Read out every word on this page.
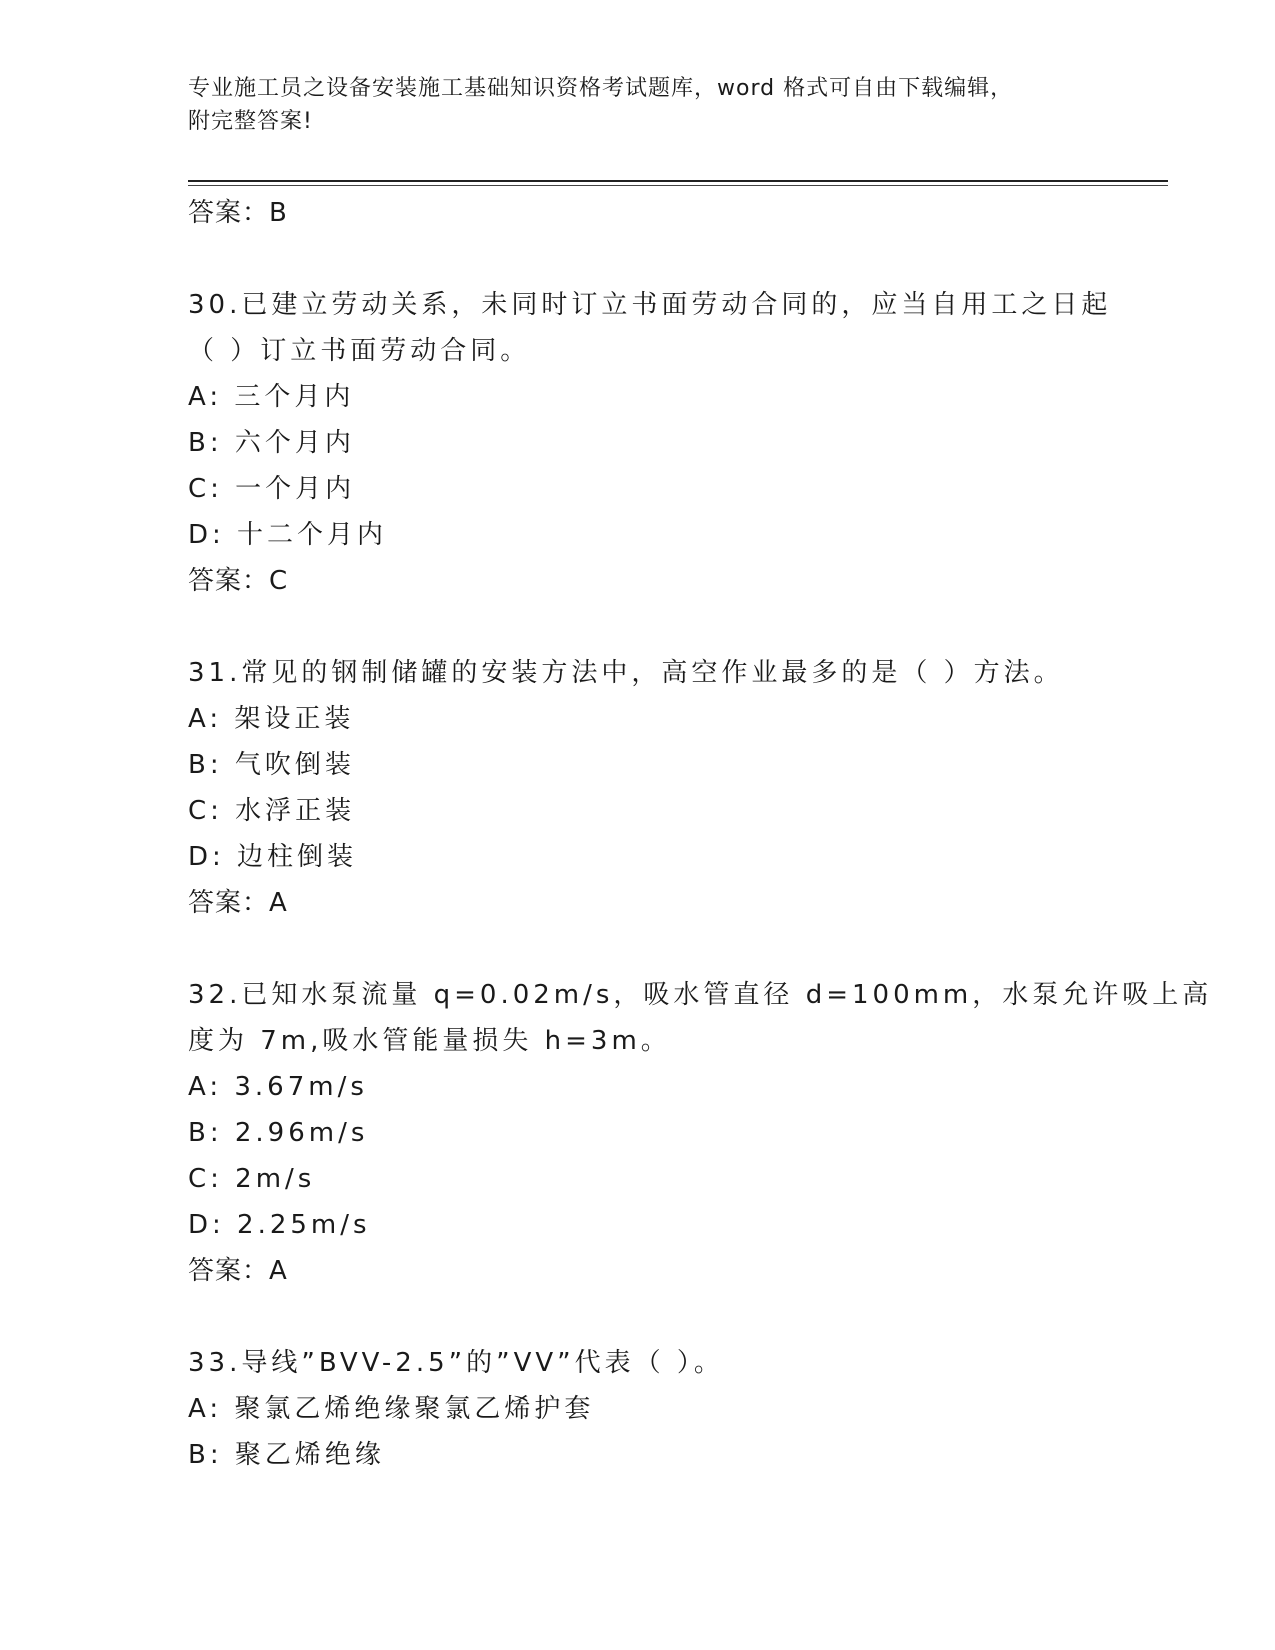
专业施工员之设备安装施工基础知识资格考试题库，word 格式可自由下载编辑，
附完整答案!
答案：B
30.已建立劳动关系，未同时订立书面劳动合同的，应当自用工之日起
（ ）订立书面劳动合同。
A: 三个月内
B: 六个月内
C: 一个月内
D: 十二个月内
答案：C
31.常见的钢制储罐的安装方法中，高空作业最多的是（ ）方法。
A: 架设正装
B: 气吹倒装
C: 水浮正装
D: 边柱倒装
答案：A
32.已知水泵流量 q=0.02m/s，吸水管直径 d=100mm，水泵允许吸上高
度为 7m,吸水管能量损失 h=3m。
A: 3.67m/s
B: 2.96m/s
C: 2m/s
D: 2.25m/s
答案：A
33.导线”BVV-2.5”的”VV”代表（ ）。
A: 聚氯乙烯绝缘聚氯乙烯护套
B: 聚乙烯绝缘
